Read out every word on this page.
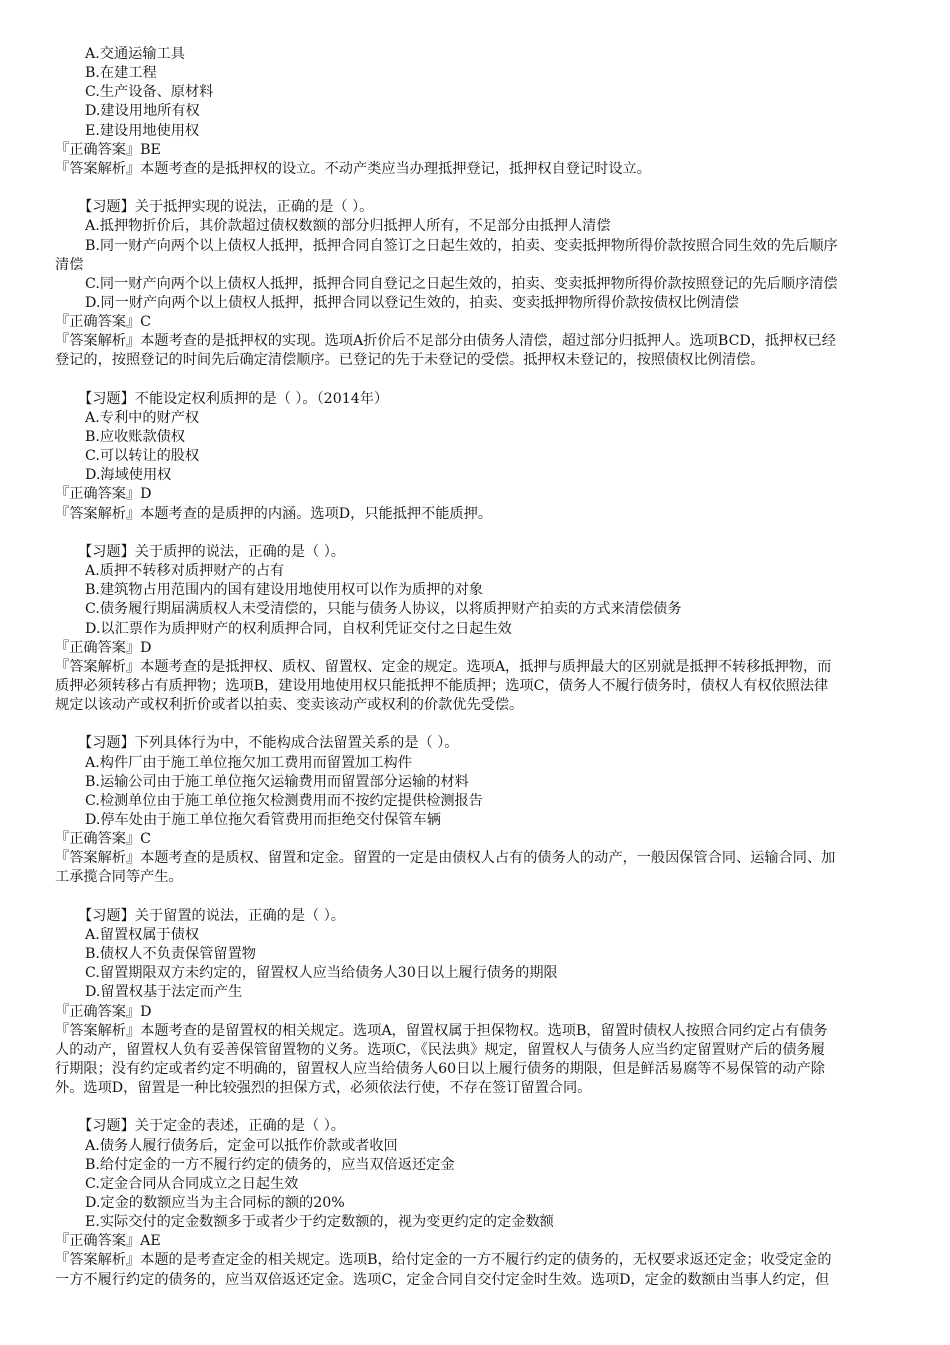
A.交通运输工具
B.在建工程
C.生产设备、原材料
D.建设用地所有权
E.建设用地使用权
『正确答案』BE
『答案解析』本题考查的是抵押权的设立。不动产类应当办理抵押登记，抵押权自登记时设立。
【习题】关于抵押实现的说法，正确的是（ ）。
A.抵押物折价后，其价款超过债权数额的部分归抵押人所有，不足部分由抵押人清偿
B.同一财产向两个以上债权人抵押，抵押合同自签订之日起生效的，拍卖、变卖抵押物所得价款按照合同生效的先后顺序
清偿
C.同一财产向两个以上债权人抵押，抵押合同自登记之日起生效的，拍卖、变卖抵押物所得价款按照登记的先后顺序清偿
D.同一财产向两个以上债权人抵押，抵押合同以登记生效的，拍卖、变卖抵押物所得价款按债权比例清偿
『正确答案』C
『答案解析』本题考查的是抵押权的实现。选项A折价后不足部分由债务人清偿，超过部分归抵押人。选项BCD，抵押权已经
登记的，按照登记的时间先后确定清偿顺序。已登记的先于未登记的受偿。抵押权未登记的，按照债权比例清偿。
【习题】不能设定权利质押的是（ ）。（2014年）
A.专利中的财产权
B.应收账款债权
C.可以转让的股权
D.海域使用权
『正确答案』D
『答案解析』本题考查的是质押的内涵。选项D，只能抵押不能质押。
【习题】关于质押的说法，正确的是（ ）。
A.质押不转移对质押财产的占有
B.建筑物占用范围内的国有建设用地使用权可以作为质押的对象
C.债务履行期届满质权人未受清偿的，只能与债务人协议，以将质押财产拍卖的方式来清偿债务
D.以汇票作为质押财产的权利质押合同，自权利凭证交付之日起生效
『正确答案』D
『答案解析』本题考查的是抵押权、质权、留置权、定金的规定。选项A，抵押与质押最大的区别就是抵押不转移抵押物，而
质押必须转移占有质押物；选项B，建设用地使用权只能抵押不能质押；选项C，债务人不履行债务时，债权人有权依照法律
规定以该动产或权利折价或者以拍卖、变卖该动产或权利的价款优先受偿。
【习题】下列具体行为中，不能构成合法留置关系的是（ ）。
A.构件厂由于施工单位拖欠加工费用而留置加工构件
B.运输公司由于施工单位拖欠运输费用而留置部分运输的材料
C.检测单位由于施工单位拖欠检测费用而不按约定提供检测报告
D.停车处由于施工单位拖欠看管费用而拒绝交付保管车辆
『正确答案』C
『答案解析』本题考查的是质权、留置和定金。留置的一定是由债权人占有的债务人的动产，一般因保管合同、运输合同、加
工承揽合同等产生。
【习题】关于留置的说法，正确的是（ ）。
A.留置权属于债权
B.债权人不负责保管留置物
C.留置期限双方未约定的，留置权人应当给债务人30日以上履行债务的期限
D.留置权基于法定而产生
『正确答案』D
『答案解析』本题考查的是留置权的相关规定。选项A，留置权属于担保物权。选项B，留置时债权人按照合同约定占有债务
人的动产，留置权人负有妥善保管留置物的义务。选项C，《民法典》规定，留置权人与债务人应当约定留置财产后的债务履
行期限；没有约定或者约定不明确的，留置权人应当给债务人60日以上履行债务的期限，但是鲜活易腐等不易保管的动产除
外。选项D，留置是一种比较强烈的担保方式，必须依法行使，不存在签订留置合同。
【习题】关于定金的表述，正确的是（ ）。
A.债务人履行债务后，定金可以抵作价款或者收回
B.给付定金的一方不履行约定的债务的，应当双倍返还定金
C.定金合同从合同成立之日起生效
D.定金的数额应当为主合同标的额的20%
E.实际交付的定金数额多于或者少于约定数额的，视为变更约定的定金数额
『正确答案』AE
『答案解析』本题的是考查定金的相关规定。选项B，给付定金的一方不履行约定的债务的，无权要求返还定金；收受定金的
一方不履行约定的债务的，应当双倍返还定金。选项C，定金合同自交付定金时生效。选项D，定金的数额由当事人约定，但
